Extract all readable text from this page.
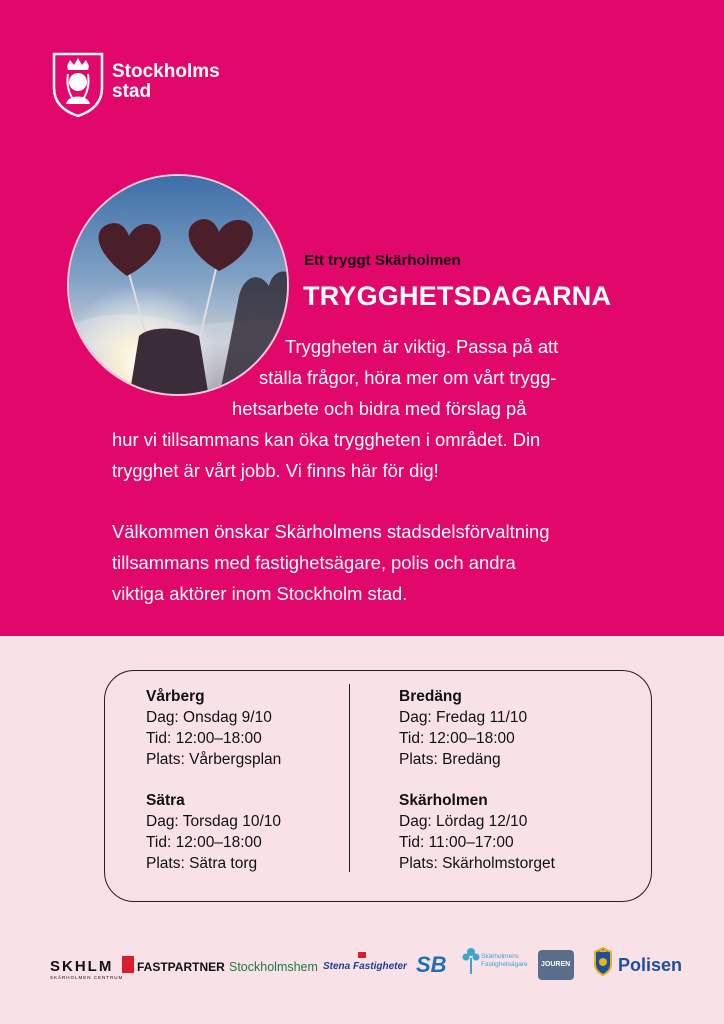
Stockholms
stad
Ett tryggt Skärholmen
TRYGGHETSDAGARNA
Tryggheten är viktig. Passa på att
ställa frågor, höra mer om vårt trygg-
hetsarbete och bidra med förslag på
hur vi tillsammans kan öka tryggheten i området. Din
trygghet är vårt jobb. Vi finns här för dig!
Välkommen önskar Skärholmens stadsdelsförvaltning
tillsammans med fastighetsägare, polis och andra
viktiga aktörer inom Stockholm stad.
Vårberg
Dag: Onsdag 9/10
Tid: 12:00–18:00
Plats: Vårbergsplan
Bredäng
Dag: Fredag 11/10
Tid: 12:00–18:00
Plats: Bredäng
Sätra
Dag: Torsdag 10/10
Tid: 12:00–18:00
Plats: Sätra torg
Skärholmen
Dag: Lördag 12/10
Tid: 11:00–17:00
Plats: Skärholmstorget
SKHLM
SKÄRHOLMEN CENTRUM
FASTPARTNER Stockholmshem Stena Fastigheter SB	Skärholmens
Fastighetsägare JOUREN	Polisen
